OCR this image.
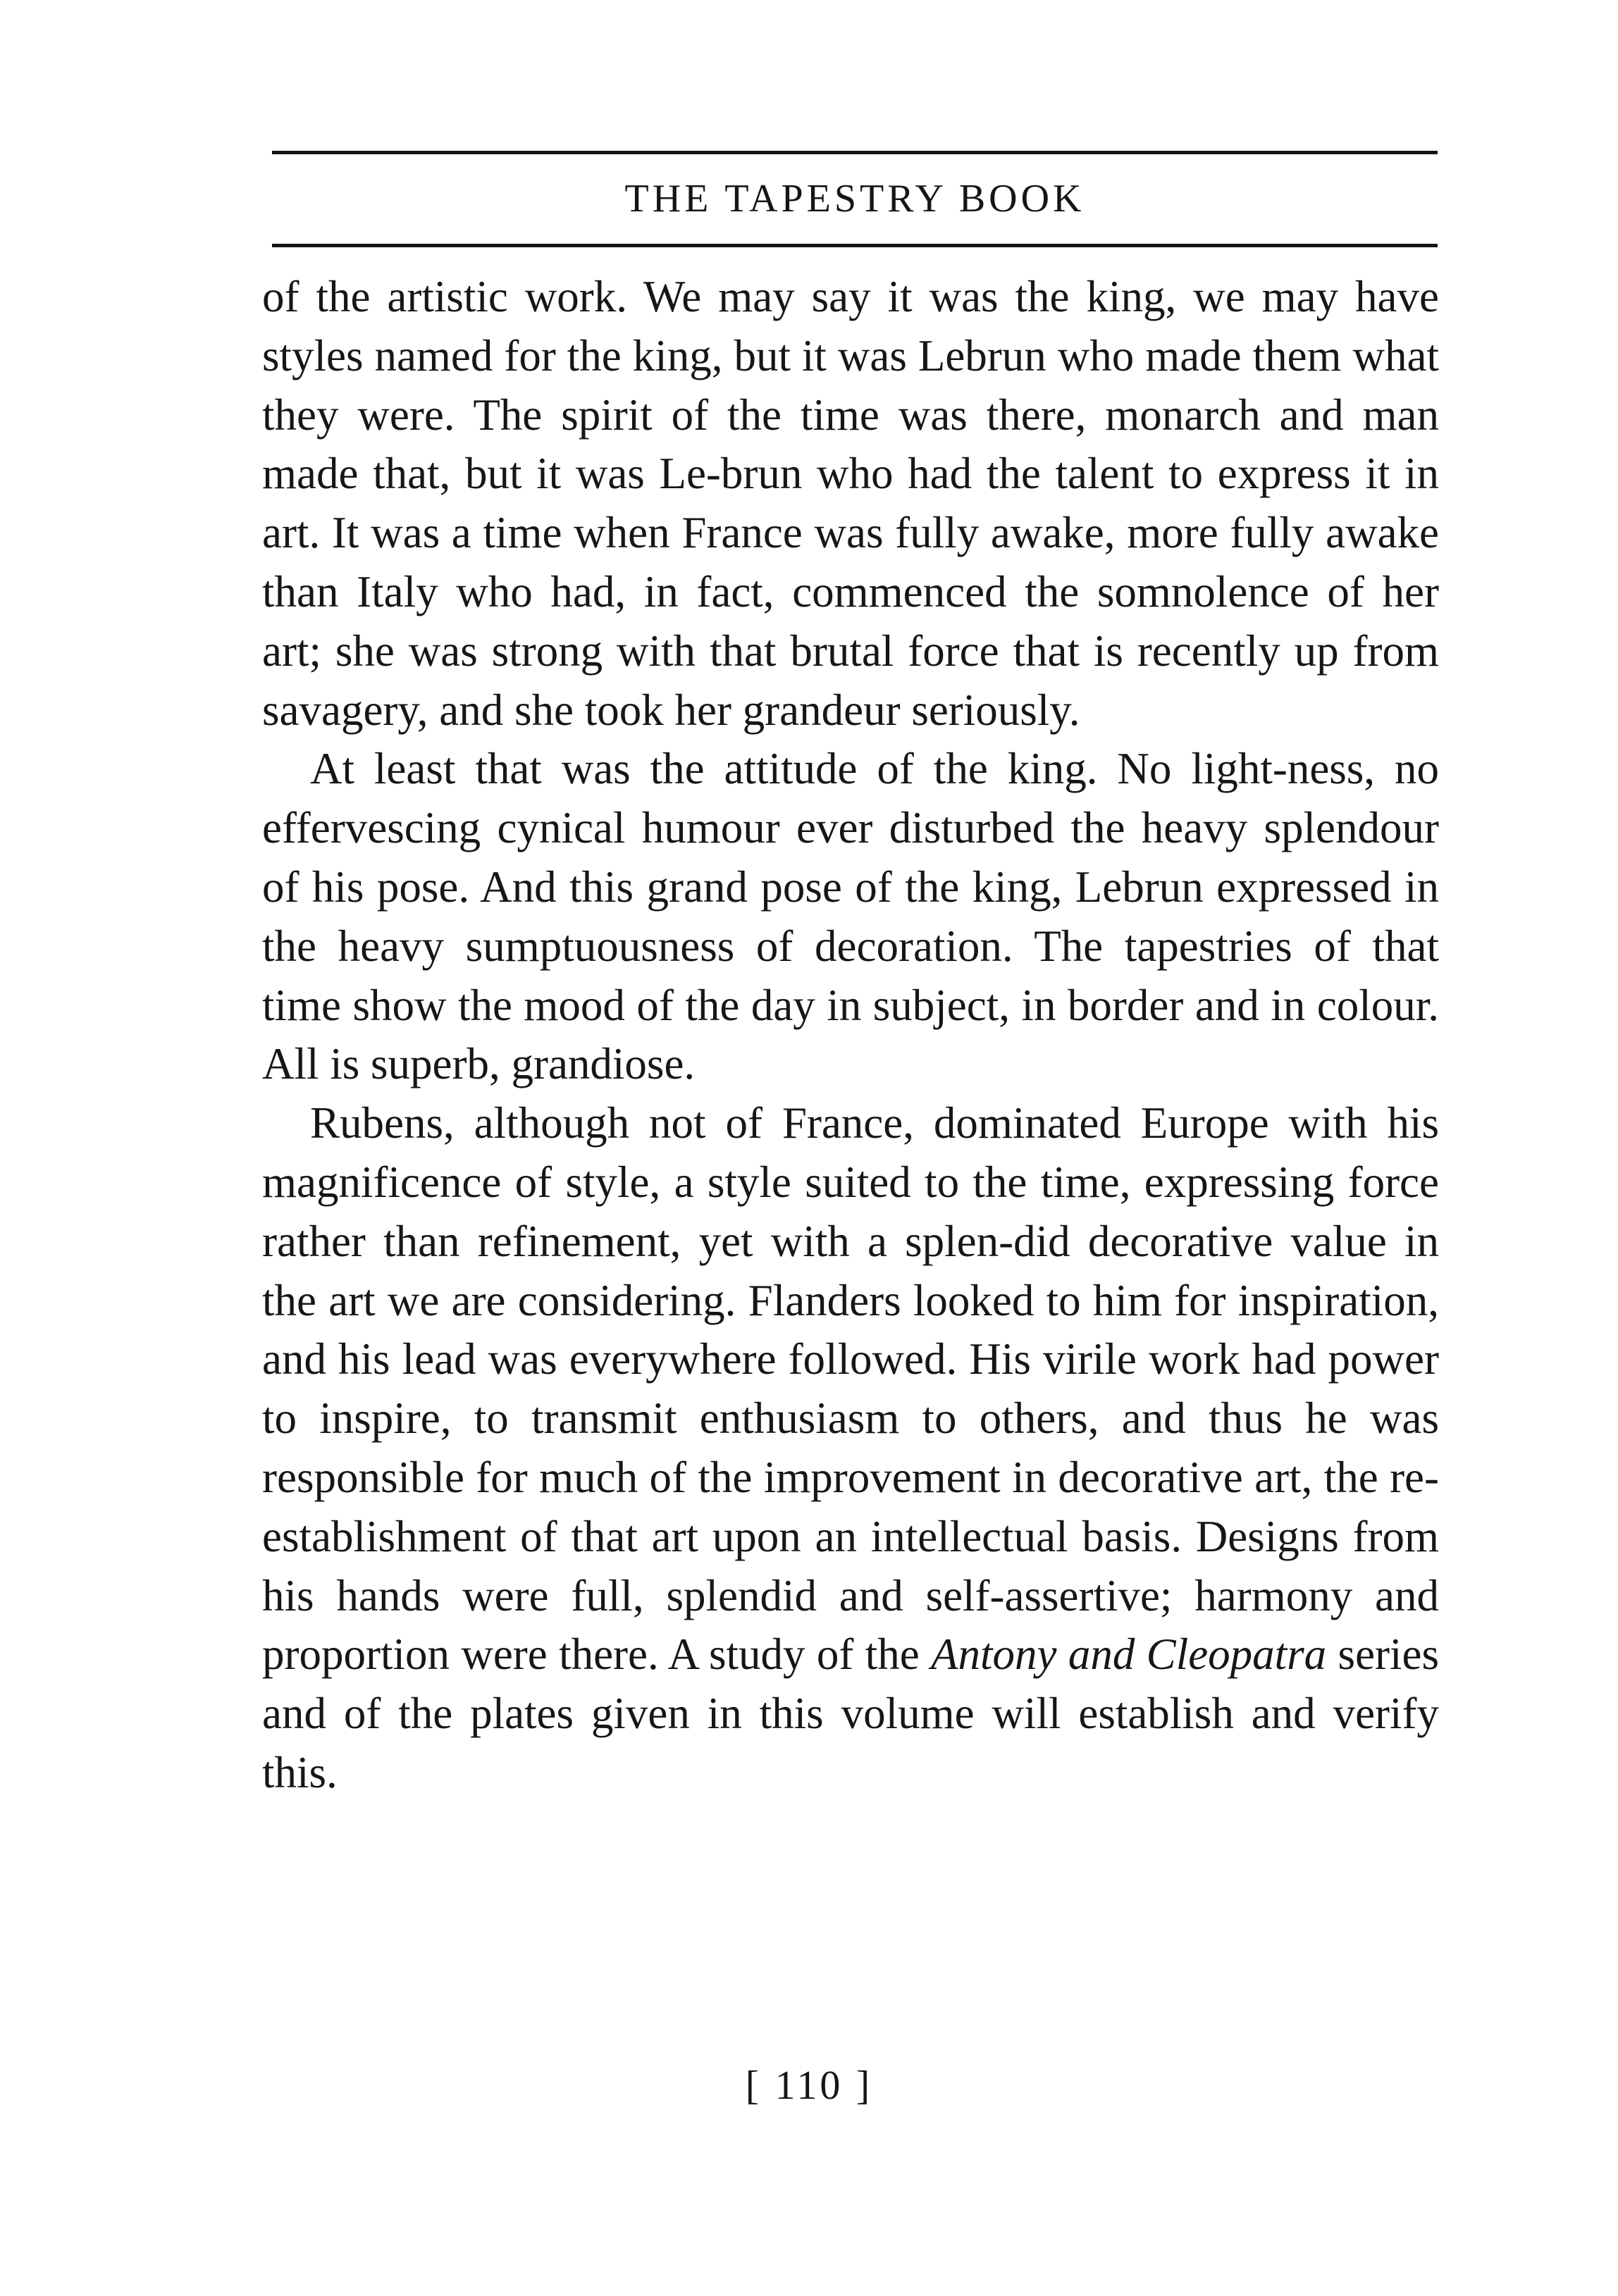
THE TAPESTRY BOOK

of the artistic work. We may say it was the king, we may have styles named for the king, but it was Lebrun who made them what they were. The spirit of the time was there, monarch and man made that, but it was Le-brun who had the talent to express it in art. It was a time when France was fully awake, more fully awake than Italy who had, in fact, commenced the somnolence of her art; she was strong with that brutal force that is recently up from savagery, and she took her grandeur seriously.

At least that was the attitude of the king. No light-ness, no effervescing cynical humour ever disturbed the heavy splendour of his pose. And this grand pose of the king, Lebrun expressed in the heavy sumptuousness of decoration. The tapestries of that time show the mood of the day in subject, in border and in colour. All is superb, grandiose.

Rubens, although not of France, dominated Europe with his magnificence of style, a style suited to the time, expressing force rather than refinement, yet with a splen-did decorative value in the art we are considering. Flanders looked to him for inspiration, and his lead was everywhere followed. His virile work had power to inspire, to transmit enthusiasm to others, and thus he was responsible for much of the improvement in decorative art, the re-establishment of that art upon an intellectual basis. Designs from his hands were full, splendid and self-assertive; harmony and proportion were there. A study of the Antony and Cleopatra series and of the plates given in this volume will establish and verify this.

[ 110 ]
